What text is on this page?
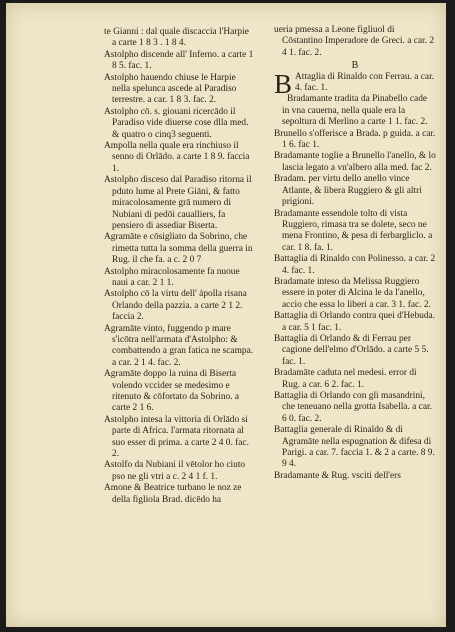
te Gianni : dal quale discaccia l'Harpie a carte 1 8 3 . 1 8 4.

Astolpho discende all' Inferno. a carte 1 8 5. fac. 1.

Astolpho hauendo chiuse le Harpie nella spelunca ascede al Paradiso terrestre. a car. 1 8 3. fac. 2.

Astolpho cō. s. giouani ricercādo il Paradiso vide diuerse cose dlla med. & quatro o cinq3 seguenti.

Ampolla nella quale era rinchiuso il senno di Orlādo. a carte 1 8 9. faccia 1.

Astolpho disceso dal Paradiso ritorna il pduto lume al Prete Giāni, & fatto miracolosamente grā numero di Nubiani di pedōi caualliers, fa pensiero di assediar Biserta.

Agramāte e cōsigliato da Sobrino, che rimetta tutta la somma della guerra in Rug. il che fa. a c. 2 0 7

Astolpho miracolosamente fa nuoue naui a car. 2 1 1.

Astolpho cō la virtu dell' ápolla risana Orlando della pazzia. a carte 2 1 2. faccia 2.

Agramāte vinto, fuggendo p mare s'icōtra nell'armata d'Astolpho: & combattendo a gran fatica ne scampa. a car. 2 1 4. fac. 2.

Agramāte doppo la ruina di Biserta volendo vccider se medesimo e ritenuto & cōfortato da Sobrino. a carte 2 1 6.

Astolpho intesa la vittoria di Orlādo si parte di Africa. l'armata ritornata al suo esser di prima. a carte 2 4 0. fac. 2.

Astolfo da Nubiani il vētolor ho ciuto pso ne gli vtri a c. 2 4 1 f. 1.

Amone & Beatrice turbano le noz ze della figliola Brad. dicēdo ha

ueria pmessa a Leone figliuol di Cōstantino Imperadore de Greci. a car. 2 4 1. fac. 2.

B

B Attaglia di Rinaldo con Ferrau. a car. 4. fac. 1.

Bradamante tradita da Pinabello cade in vna cauerna, nella quale era la sepoltura di Merlino a carte 1 1. fac. 2.

Brunello s'offerisce a Brada. p guida. a car. 1 6. fac 1.

Bradamante toglie a Brunello l'anello, & lo lascia legato a vn'albero alla med. fac 2.

Bradam. per virtu dello anello vince Atlante, & libera Ruggiero & gli altri prigioni.

Bradamante essendole tolto di vista Ruggiero, rimasa tra se dolete, seco ne mena Frontino, & pesa di ferbargliclo. a car. 1 8. fa. 1.

Battaglia di Rinaldo con Polinesso. a car. 2 4. fac. 1.

Bradamate inteso da Melissa Ruggiero essere in poter di Alcina le da l'anello, accio che essa lo liberi a car. 3 1. fac. 2.

Battaglia di Orlando contra quei d'Hebuda. a car. 5 1 fac. 1.

Battaglia di Orlando & di Ferrau per cagione dell'elmo d'Orlādo. a carte 5 5. fac. 1.

Bradamāte caduta nel medesi. error di Rug. a car. 6 2. fac. 1.

Battaglia di Orlando con gli masandrini, che teneuano nella grotta Isabella. a car. 6 0. fac. 2.

Battaglia generale di Rinaldo & di Agramāte nella espugnation & difesa di Parigi. a car. 7. faccia 1. & 2 a carte. 8 9. 9 4.

Bradamante & Rug. vsciti dell'ers
